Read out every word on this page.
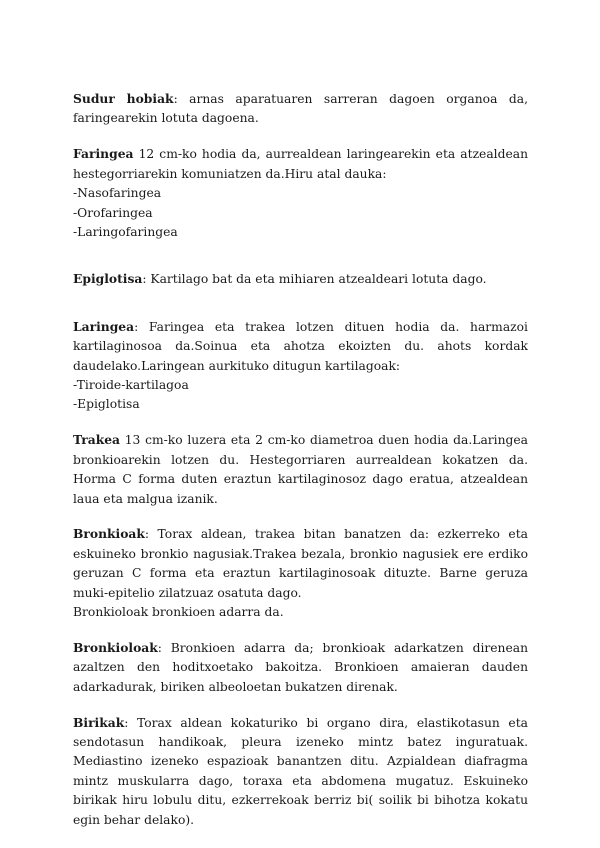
Sudur hobiak: arnas aparatuaren sarreran dagoen organoa da, faringearekin lotuta dagoena.

Faringea 12 cm-ko hodia da, aurrealdean laringearekin eta atzealdean hestegorriarekin komuniatzen da.Hiru atal dauka:
-Nasofaringea
-Orofaringea
-Laringofaringea

Epiglotisa: Kartilago bat da eta mihiaren atzealdeari lotuta dago.

Laringea: Faringea eta trakea lotzen dituen hodia da. harmazoi kartilaginosoa da.Soinua eta ahotza ekoizten du. ahots kordak daudelako.Laringean aurkituko ditugun kartilagoak:
-Tiroide-kartilagoa
-Epiglotisa

Trakea 13 cm-ko luzera eta 2 cm-ko diametroa duen hodia da.Laringea bronkioarekin lotzen du. Hestegorriaren aurrealdean kokatzen da. Horma C forma duten eraztun kartilaginosoz dago eratua, atzealdean laua eta malgua izanik.

Bronkioak: Torax aldean, trakea bitan banatzen da: ezkerreko eta eskuineko bronkio nagusiak.Trakea bezala, bronkio nagusiek ere erdiko geruzan C forma eta eraztun kartilaginosoak dituzte. Barne geruza muki-epitelio zilatzuaz osatuta dago.
Bronkioloak bronkioen adarra da.

Bronkioloak: Bronkioen adarra da; bronkioak adarkatzen direnean azaltzen den hoditxoetako bakoitza. Bronkioen amaieran dauden adarkadurak, biriken albeoloetan bukatzen direnak.

Birikak: Torax aldean kokaturiko bi organo dira, elastikotasun eta sendotasun handikoak, pleura izeneko mintz batez inguratuak. Mediastino izeneko espazioak banantzen ditu. Azpialdean diafragma mintz muskularra dago, toraxa eta abdomena mugatuz. Eskuineko birikak hiru lobulu ditu, ezkerrekoak berriz bi( soilik bi bihotza kokatu egin behar delako).
